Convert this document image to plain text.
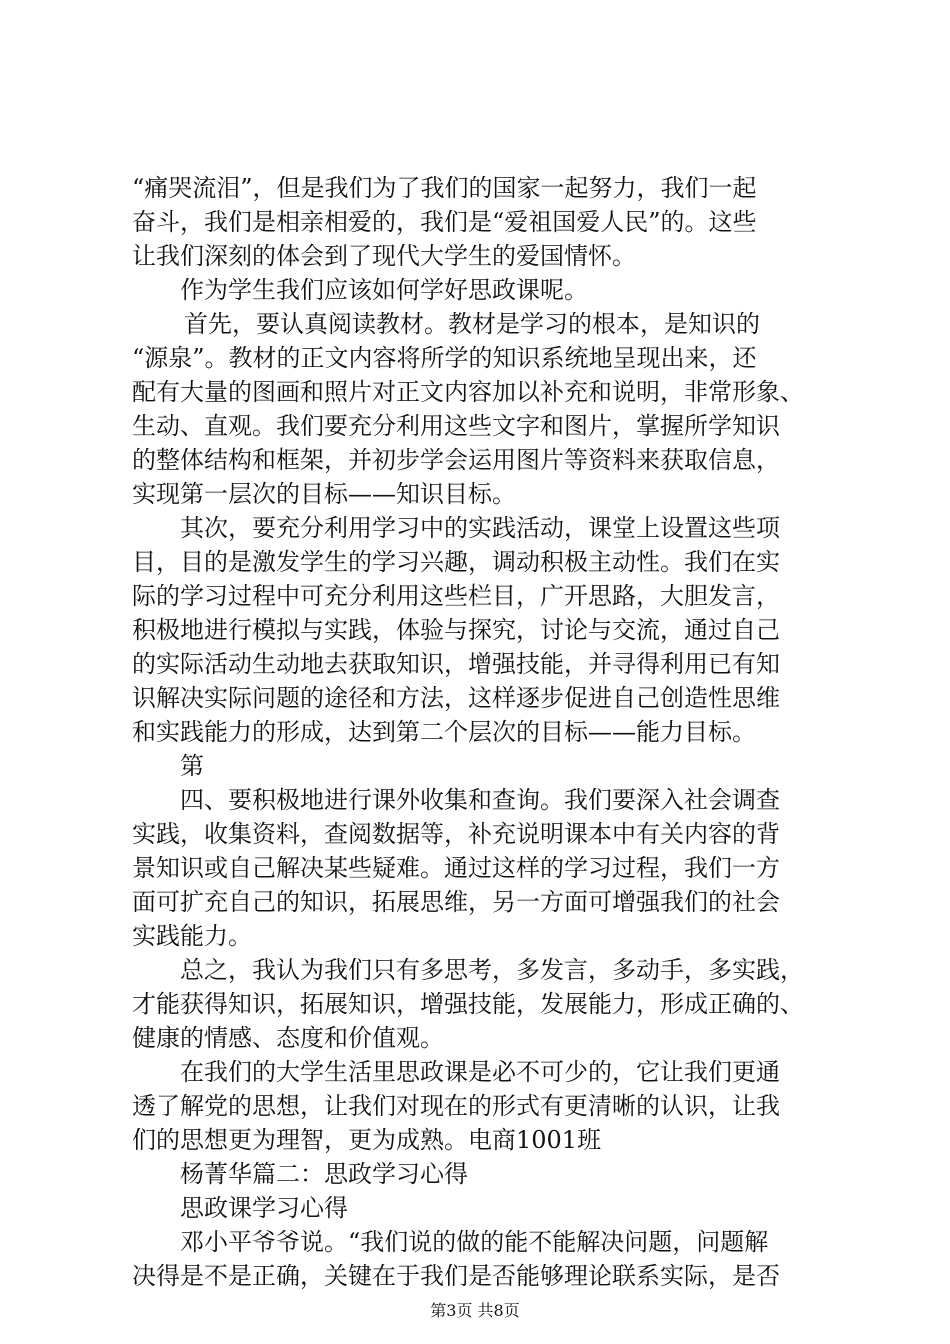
“痛哭流泪”，但是我们为了我们的国家一起努力，我们一起
奋斗，我们是相亲相爱的，我们是“爱祖国爱人民”的。这些
让我们深刻的体会到了现代大学生的爱国情怀。
作为学生我们应该如何学好思政课呢。
首先，要认真阅读教材。教材是学习的根本，是知识的
“源泉”。教材的正文内容将所学的知识系统地呈现出来，还
配有大量的图画和照片对正文内容加以补充和说明，非常形象、
生动、直观。我们要充分利用这些文字和图片，掌握所学知识
的整体结构和框架，并初步学会运用图片等资料来获取信息，
实现第一层次的目标——知识目标。
其次，要充分利用学习中的实践活动，课堂上设置这些项
目，目的是激发学生的学习兴趣，调动积极主动性。我们在实
际的学习过程中可充分利用这些栏目，广开思路，大胆发言，
积极地进行模拟与实践，体验与探究，讨论与交流，通过自己
的实际活动生动地去获取知识，增强技能，并寻得利用已有知
识解决实际问题的途径和方法，这样逐步促进自己创造性思维
和实践能力的形成，达到第二个层次的目标——能力目标。
第
四、要积极地进行课外收集和查询。我们要深入社会调查
实践，收集资料，查阅数据等，补充说明课本中有关内容的背
景知识或自己解决某些疑难。通过这样的学习过程，我们一方
面可扩充自己的知识，拓展思维，另一方面可增强我们的社会
实践能力。
总之，我认为我们只有多思考，多发言，多动手，多实践，
才能获得知识，拓展知识，增强技能，发展能力，形成正确的、
健康的情感、态度和价值观。
在我们的大学生活里思政课是必不可少的，它让我们更通
透了解党的思想，让我们对现在的形式有更清晰的认识，让我
们的思想更为理智，更为成熟。电商1001班
杨菁华篇二：思政学习心得
思政课学习心得
邓小平爷爷说。“我们说的做的能不能解决问题，问题解
决得是不是正确，关键在于我们是否能够理论联系实际，是否
第3页 共8页
